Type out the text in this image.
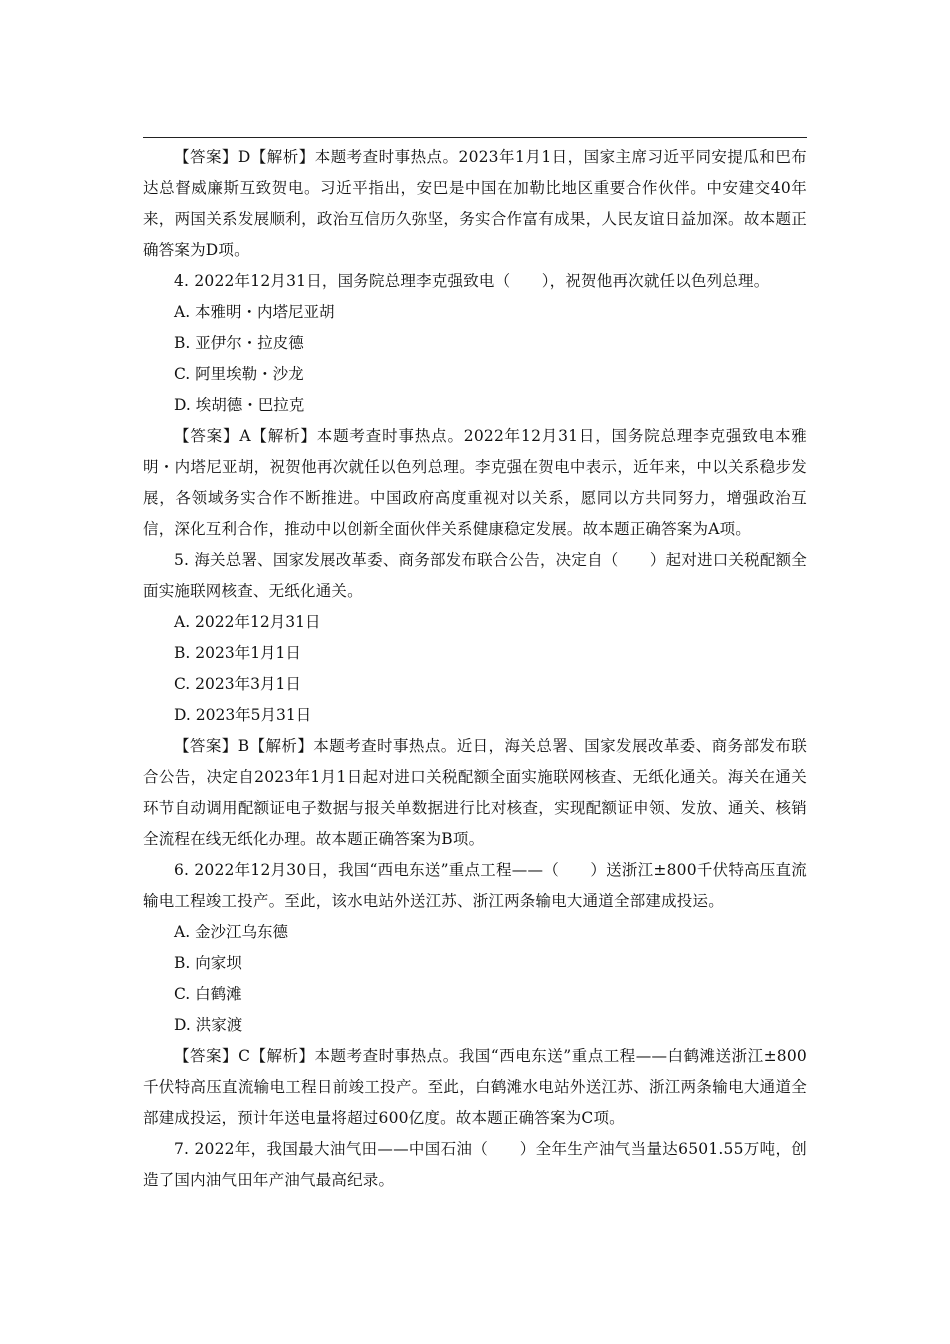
【答案】D【解析】本题考查时事热点。2023年1月1日，国家主席习近平同安提瓜和巴布达总督威廉斯互致贺电。习近平指出，安巴是中国在加勒比地区重要合作伙伴。中安建交40年来，两国关系发展顺利，政治互信历久弥坚，务实合作富有成果，人民友谊日益加深。故本题正确答案为D项。

4. 2022年12月31日，国务院总理李克强致电（　　），祝贺他再次就任以色列总理。

A. 本雅明・内塔尼亚胡

B. 亚伊尔・拉皮德

C. 阿里埃勒・沙龙

D. 埃胡德・巴拉克

【答案】A【解析】本题考查时事热点。2022年12月31日，国务院总理李克强致电本雅明・内塔尼亚胡，祝贺他再次就任以色列总理。李克强在贺电中表示，近年来，中以关系稳步发展，各领域务实合作不断推进。中国政府高度重视对以关系，愿同以方共同努力，增强政治互信，深化互利合作，推动中以创新全面伙伴关系健康稳定发展。故本题正确答案为A项。

5. 海关总署、国家发展改革委、商务部发布联合公告，决定自（　　）起对进口关税配额全面实施联网核查、无纸化通关。

A. 2022年12月31日

B. 2023年1月1日

C. 2023年3月1日

D. 2023年5月31日

【答案】B【解析】本题考查时事热点。近日，海关总署、国家发展改革委、商务部发布联合公告，决定自2023年1月1日起对进口关税配额全面实施联网核查、无纸化通关。海关在通关环节自动调用配额证电子数据与报关单数据进行比对核查，实现配额证申领、发放、通关、核销全流程在线无纸化办理。故本题正确答案为B项。

6. 2022年12月30日，我国“西电东送”重点工程——（　　）送浙江±800千伏特高压直流输电工程竣工投产。至此，该水电站外送江苏、浙江两条输电大通道全部建成投运。

A. 金沙江乌东德

B. 向家坝

C. 白鹤滩

D. 洪家渡

【答案】C【解析】本题考查时事热点。我国“西电东送”重点工程——白鹤滩送浙江±800千伏特高压直流输电工程日前竣工投产。至此，白鹤滩水电站外送江苏、浙江两条输电大通道全部建成投运，预计年送电量将超过600亿度。故本题正确答案为C项。

7. 2022年，我国最大油气田——中国石油（　　）全年生产油气当量达6501.55万吨，创造了国内油气田年产油气最高纪录。
